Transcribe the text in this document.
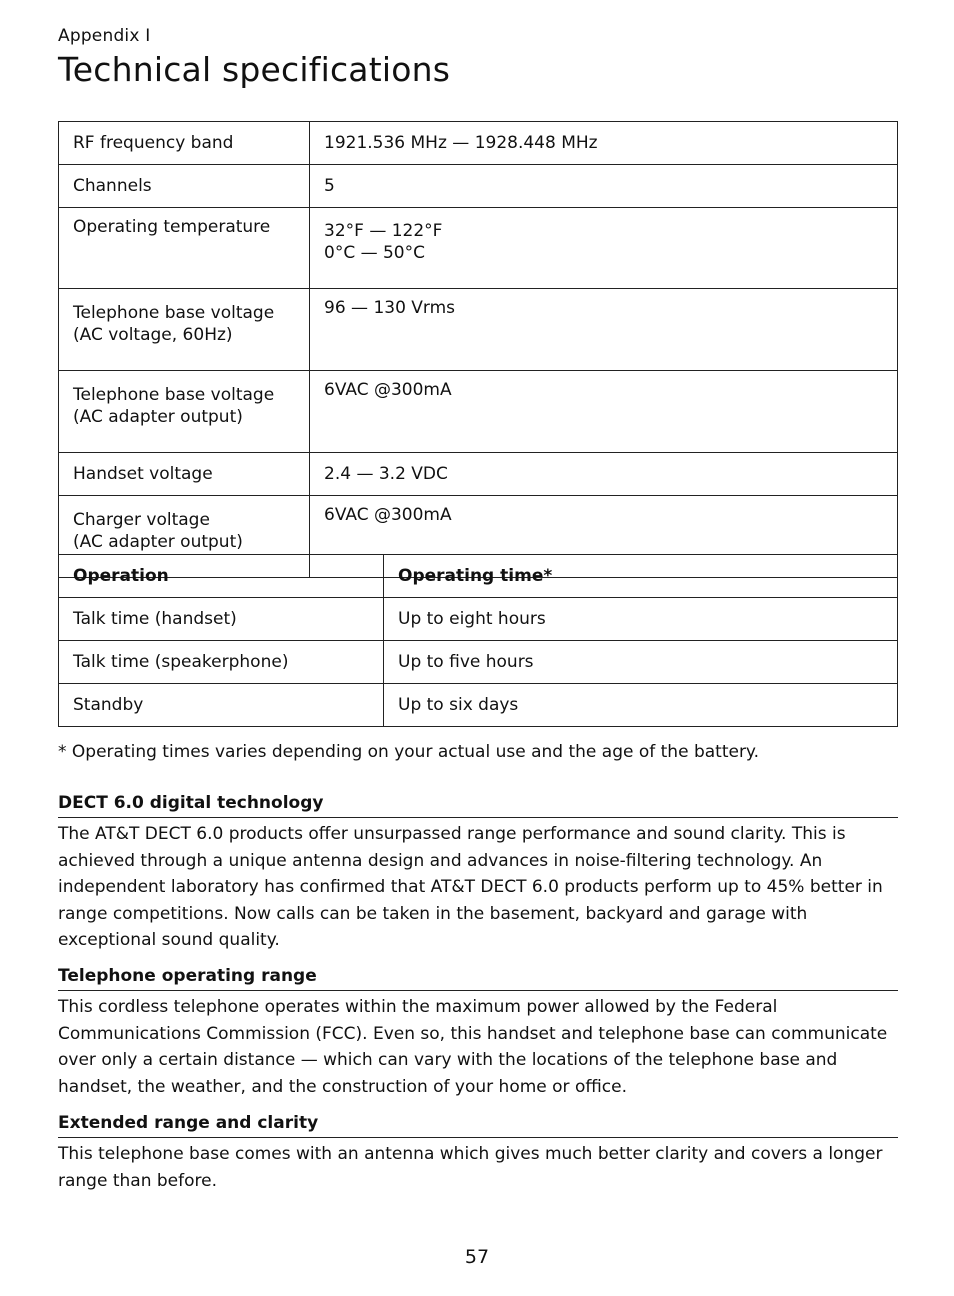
Appendix I
Technical specifications
RF frequency band	1921.536 MHz — 1928.448 MHz
Channels	5
Operating temperature	32°F — 122°F
0°C — 50°C

Telephone base voltage
(AC voltage, 60Hz)	96 — 130 Vrms

Telephone base voltage
(AC adapter output)	6VAC @300mA
Handset voltage	2.4 — 3.2 VDC

Charger voltage
(AC adapter output)	6VAC @300mA
Operation	Operating time*
Talk time (handset)	Up to eight hours
Talk time (speakerphone)	Up to five hours
Standby	Up to six days
* Operating times varies depending on your actual use and the age of the battery.
DECT 6.0 digital technology

The AT&T DECT 6.0 products offer unsurpassed range performance and sound clarity. This is achieved through a unique antenna design and advances in noise-filtering technology. An independent laboratory has confirmed that AT&T DECT 6.0 products perform up to 45% better in range competitions. Now calls can be taken in the basement, backyard and garage with exceptional sound quality.

Telephone operating range

This cordless telephone operates within the maximum power allowed by the Federal Communications Commission (FCC). Even so, this handset and telephone base can communicate over only a certain distance — which can vary with the locations of the telephone base and handset, the weather, and the construction of your home or office.

Extended range and clarity

This telephone base comes with an antenna which gives much better clarity and covers a longer range than before.

57
